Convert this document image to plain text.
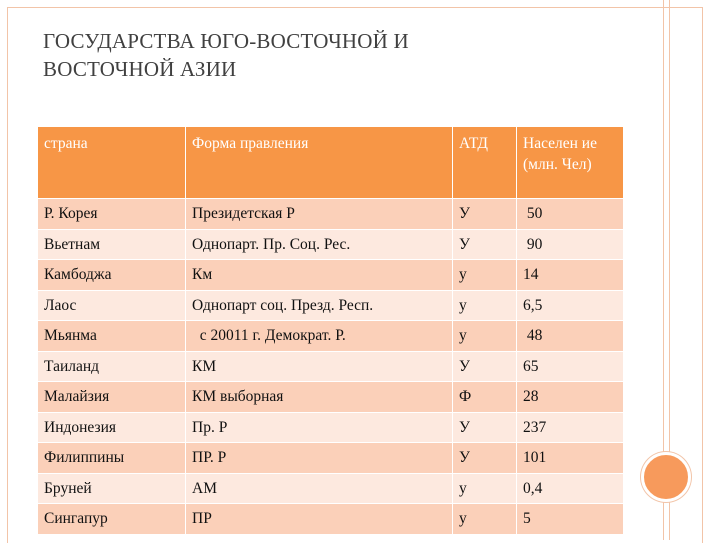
ГОСУДАРСТВА ЮГО-ВОСТОЧНОЙ И
ВОСТОЧНОЙ АЗИИ
страна	Форма правления	АТД	Населен ие (млн. Чел)
Р. Корея	Президетская Р	У	50
Вьетнам	Однопарт. Пр. Соц. Рес.	У	90
Камбоджа	Км	у	14
Лаос	Однопарт соц. Презд. Респ.	у	6,5
Мьянма	с 20011 г. Демократ. Р.	у	48
Таиланд	КМ	У	65
Малайзия	КМ выборная	Ф	28
Индонезия	Пр. Р	У	237
Филиппины	ПР. Р	У	101
Бруней	АМ	у	0,4
Сингапур	ПР	у	5
